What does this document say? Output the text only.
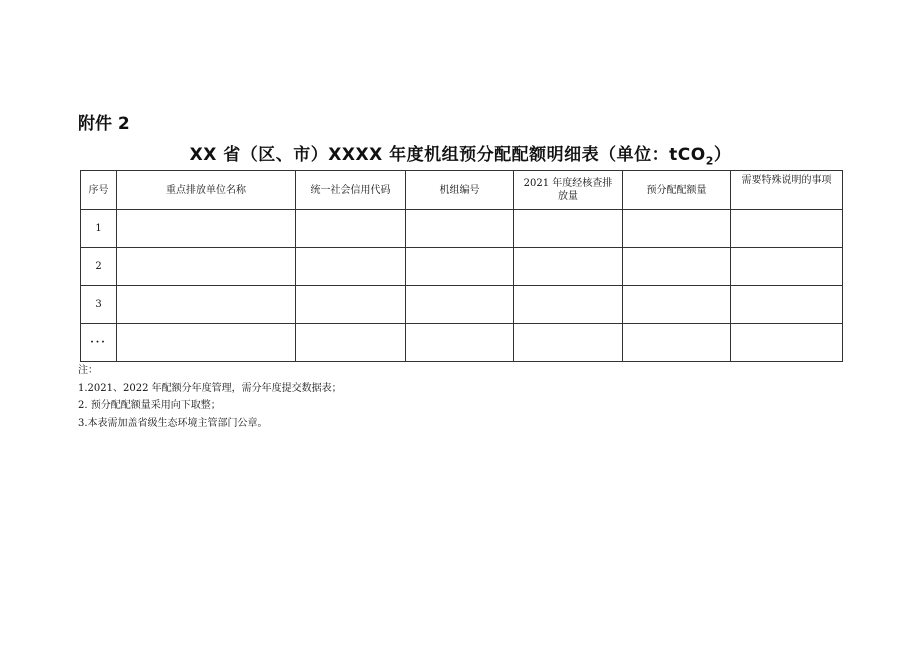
附件 2
XX 省（区、市）XXXX 年度机组预分配配额明细表（单位：tCO$_2$）
序号	重点排放单位名称	统一社会信用代码	机组编号	2021 年度经核查排放量	预分配配额量	需要特殊说明的事项
1						
2						
3						
···						
注：
1.2021、2022 年配额分年度管理，需分年度提交数据表；
2. 预分配配额量采用向下取整；
3.本表需加盖省级生态环境主管部门公章。
